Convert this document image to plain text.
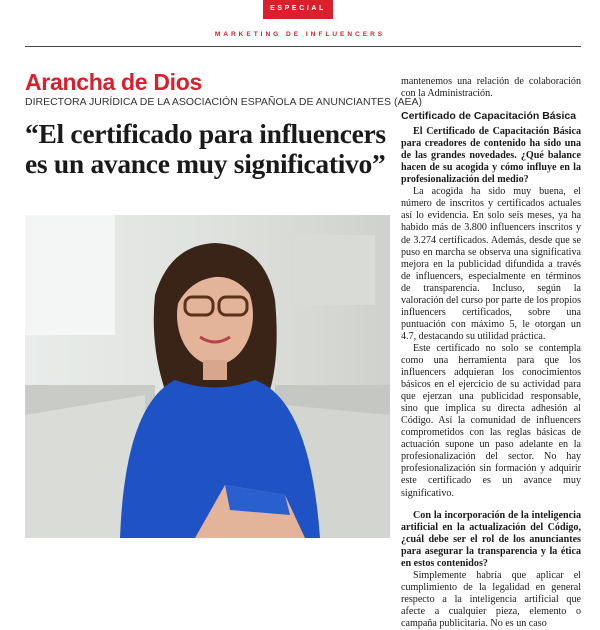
ESPECIAL
MARKETING DE INFLUENCERS
Arancha de Dios
DIRECTORA JURÍDICA DE LA ASOCIACIÓN ESPAÑOLA DE ANUNCIANTES (AEA)
“El certificado para influencers es un avance muy significativo”

mantenemos una relación de colaboración con la Administración.

Certificado de Capacitación Básica

El Certificado de Capacitación Básica para creadores de contenido ha sido una de las grandes novedades. ¿Qué balance hacen de su acogida y cómo influye en la profesionalización del medio?

La acogida ha sido muy buena, el número de inscritos y certificados actuales así lo evidencia. En solo seis meses, ya ha habido más de 3.800 influencers inscritos y de 3.274 certificados. Además, desde que se puso en marcha se observa una significativa mejora en la publicidad difundida a través de influencers, especialmente en términos de transparencia. Incluso, según la valoración del curso por parte de los propios influencers certificados, sobre una puntuación con máximo 5, le otorgan un 4.7, destacando su utilidad práctica.

Este certificado no solo se contempla como una herramienta para que los influencers adquieran los conocimientos básicos en el ejercicio de su actividad para que ejerzan una publicidad responsable, sino que implica su directa adhesión al Código. Así la comunidad de influencers comprometidos con las reglas básicas de actuación supone un paso adelante en la profesionalización del sector. No hay profesionalización sin formación y adquirir este certificado es un avance muy significativo.

Con la incorporación de la inteligencia artificial en la actualización del Código, ¿cuál debe ser el rol de los anunciantes para asegurar la transparencia y la ética en estos contenidos?

Simplemente habría que aplicar el cumplimiento de la legalidad en general respecto a la inteligencia artificial que afecte a cualquier pieza, elemento o campaña publicitaria. No es un caso
